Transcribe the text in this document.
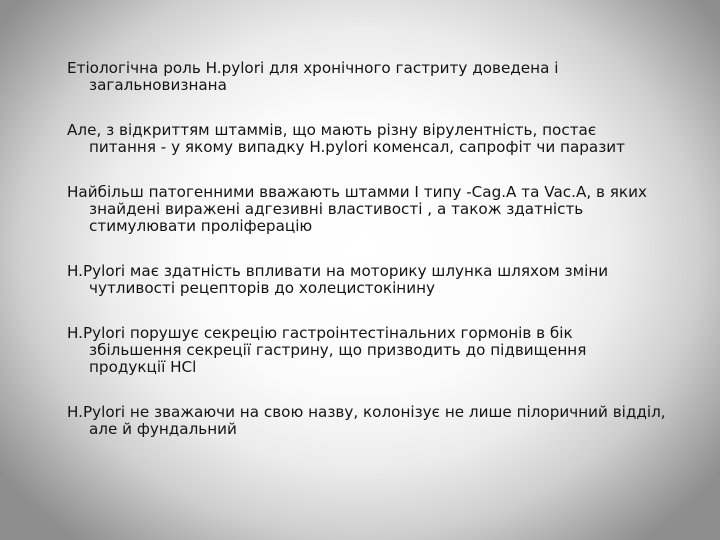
Етіологічна роль H.pylori для хронічного гастриту доведена і загальновизнана

Але, з відкриттям штаммів, що мають різну вірулентність, постає питання - у якому випадку H.pylori коменсал, сапрофіт чи паразит

Найбільш патогенними вважають штамми I типу -Cag.A та Vac.A, в яких знайдені виражені адгезивні властивості , а також здатність стимулювати проліферацію

H.Pylori має здатність впливати на моторику шлунка шляхом зміни чутливості рецепторів до холецистокінину

H.Pylori порушує секрецію гастроінтестінальних гормонів в бік збільшення секреції гастрину, що призводить до підвищення продукції HCl

H.Pylori не зважаючи на свою назву, колонізує не лише пілоричний відділ, але й фундальний
